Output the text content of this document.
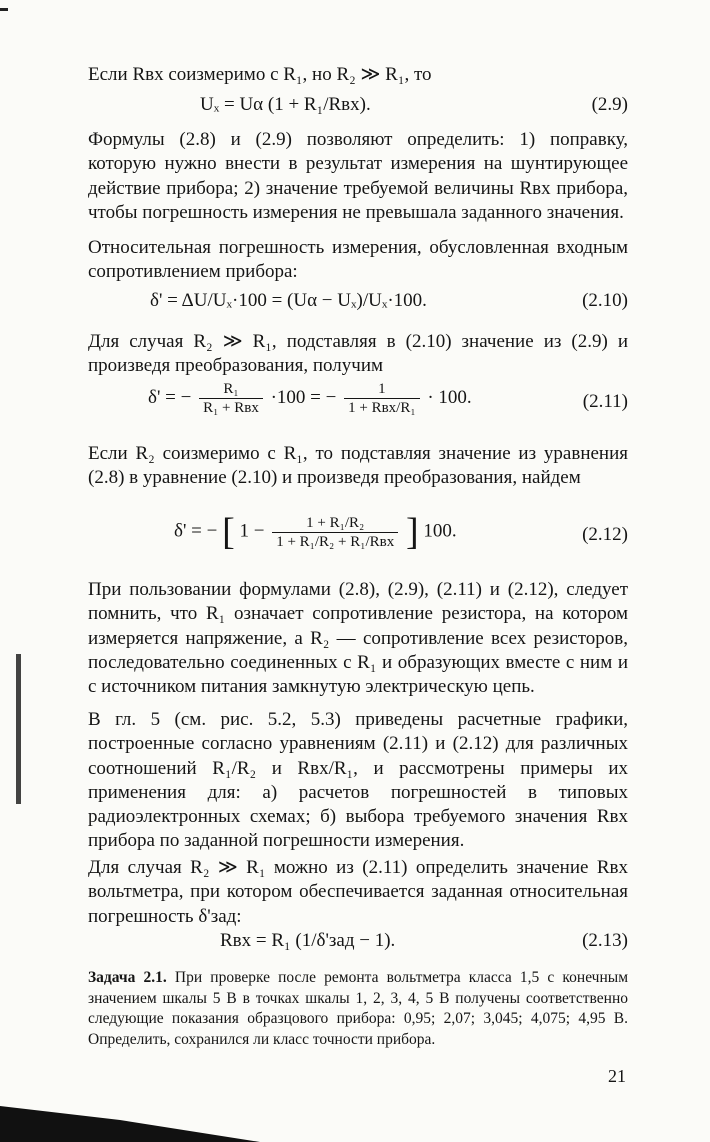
Если Rвх соизмеримо с R₁, но R₂ ≫ R₁, то

Uₓ = Uα (1 + R₁/Rвх).	(2.9)

Формулы (2.8) и (2.9) позволяют определить: 1) поправку, которую нужно внести в результат измерения на шунтирующее действие прибора; 2) значение требуемой величины Rвх прибора, чтобы погрешность измерения не превышала заданного значения.

Относительная погрешность измерения, обусловленная входным сопротивлением прибора:

δ' = ΔU/Uₓ·100 = (Uα − Uₓ)/Uₓ·100.	(2.10)

Для случая R₂ ≫ R₁, подставляя в (2.10) значение из (2.9) и произведя преобразования, получим

δ' = − $\frac{\text{R₁}}{\text{R₁ + Rвх}} \cdot 100$ = − $\frac{1}{\text{1 + Rвх/R₁}} \cdot 100$.	(2.11)

Если R₂ соизмеримо с R₁, то подставляя значение из уравнения (2.8) в уравнение (2.10) и произведя преобразования, найдем

δ' = − [ $1 - \frac{\text{1 + R₁/R₂}}{\text{1 + R₁/R₂ + R₁/Rвх}}$ ] 100.	(2.12)

При пользовании формулами (2.8), (2.9), (2.11) и (2.12), следует помнить, что R₁ означает сопротивление резистора, на котором измеряется напряжение, а R₂ — сопротивление всех резисторов, последовательно соединенных с R₁ и образующих вместе с ним и с источником питания замкнутую электрическую цепь.

В гл. 5 (см. рис. 5.2, 5.3) приведены расчетные графики, построенные согласно уравнениям (2.11) и (2.12) для различных соотношений R₁/R₂ и Rвх/R₁, и рассмотрены примеры их применения для: а) расчетов погрешностей в типовых радиоэлектронных схемах; б) выбора требуемого значения Rвх прибора по заданной погрешности измерения.

Для случая R₂ ≫ R₁ можно из (2.11) определить значение Rвх вольтметра, при котором обеспечивается заданная относительная погрешность δ'зад:

Rвх = R₁ (1/δ'зад − 1).	(2.13)

Задача 2.1. При проверке после ремонта вольтметра класса 1,5 с конечным значением шкалы 5 В в точках шкалы 1, 2, 3, 4, 5 В получены соответственно следующие показания образцового прибора: 0,95; 2,07; 3,045; 4,075; 4,95 В. Определить, сохранился ли класс точности прибора.

21
